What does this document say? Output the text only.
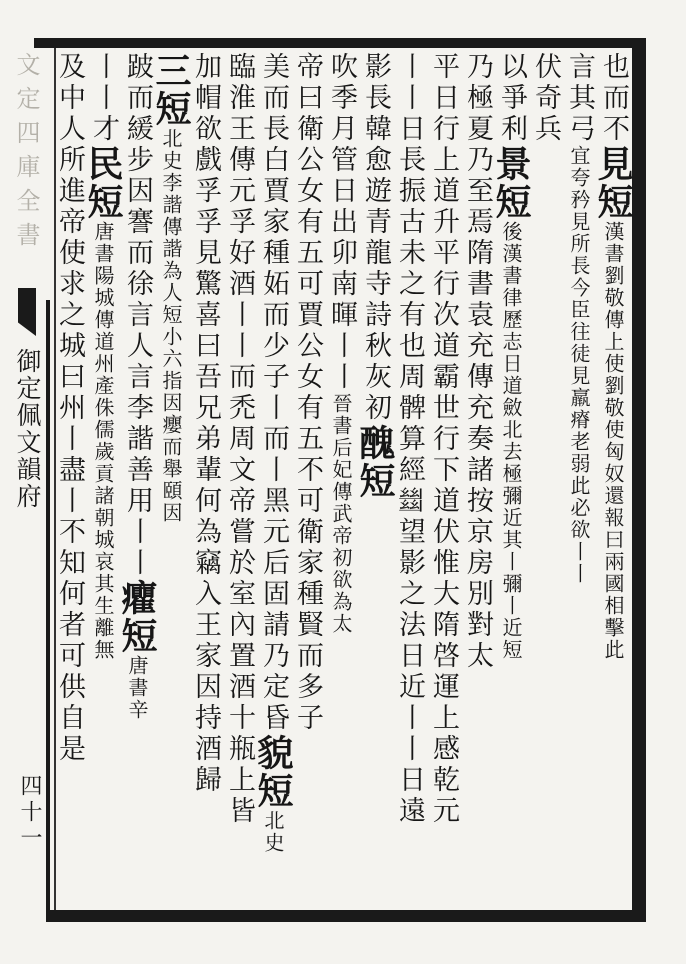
也而不見短漢書劉敬傳上使劉敬使匈奴還報曰兩國相擊此
言其弓宜夸矜見所長今臣往徒見羸瘠老弱此必欲丨丨
伏奇兵
以爭利景短後漢書律歷志日道斂北去極彌近其丨彌丨近短
乃極夏乃至焉隋書袁充傳充奏諸按京房別對太
平日行上道升平行次道霸世行下道伏惟大隋啓運上感乾元
丨丨日長振古未之有也周髀算經𢇍望影之法日近丨丨日遠
影長韓愈遊青龍寺詩秋灰初醜短
吹季月管日出卯南暉丨丨晉書后妃傳武帝初欲為太
帝曰衛公女有五可賈公女有五不可衛家種賢而多子
美而長白賈家種妬而少子丨而丨黑元后固請乃定昏貌短北史
臨淮王傳元孚好酒丨丨而禿周文帝嘗於室內置酒十瓶上皆
加帽欲戲孚孚見驚喜曰吾兄弟輩何為竊入王家因持酒歸
三短北史李諧傳諧為人短小六指因癭而舉頤因
跛而緩步因謇而徐言人言李諧善用丨丨癯短唐書辛
丨丨才民短唐書陽城傳道州產侏儒歲貢諸朝城哀其生離無
及中人所進帝使求之城曰州丨盡丨不知何者可供自是
文定四庫全書
御定佩文韻府
四十一
